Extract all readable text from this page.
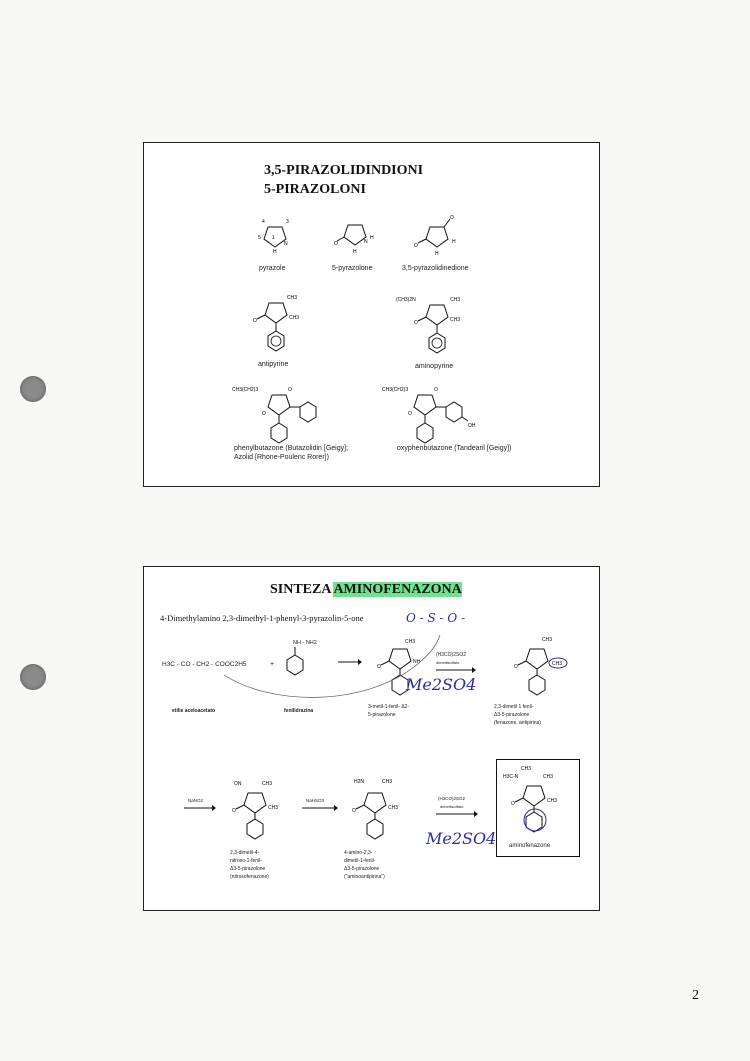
3,5-PIRAZOLIDINDIONI
5-PIRAZOLONI
1
N
H
5
4	3
O	N
H
H
O
O
H
H
pyrazole	5-pyrazolone	3,5-pyrazolidinedione
CH3
O	CH3
(CH3)2N	CH3
O	CH3
antipyrine	aminopyrine
CH3(CH2)3	O
O
CH3(CH2)3	O
O
OH
phenylbutazone (Butazolidin [Geigy];
Azolid [Rhone-Poulenc Rorer])
oxyphenbutazone (Tandearil [Geigy])
SINTEZA AMINOFENAZONA
4-Dimethylamino 2,3-dimethyl-1-phenyl-3-pyrazolin-5-one
H3C - CO - CH2 - COOC2H5	+
NH - NH2	CH3
O
NH
(H3CO)2SO2
dimetilsolfato
CH3
O	CH3
etilie aceloacetato	fenilidrazina
3-metil-1-fenil- Δ2-
5-pirazolone
2,3-dimetil 1 fenil-
Δ3-5-pirazolone
(fenazone, antipirina)
NaNO2
ON	CH3
O	CH3
NaHSO3
H2N	CH3
O	CH3
(H3CO)2SO2
dimetilsolfato
CH3
H3C-N	CH3
O	CH3
aminofenazone
2,3-dimetil-4-
nitroso-1-fenil-
Δ3-5-pirazolone
(nitrosofenazone)
4-amino-2,3-
dimetil-1-fenil-
Δ3-5-pirazolone
("aminoantipirina")
O - S - O -
Me2SO4
Me2SO4
2
